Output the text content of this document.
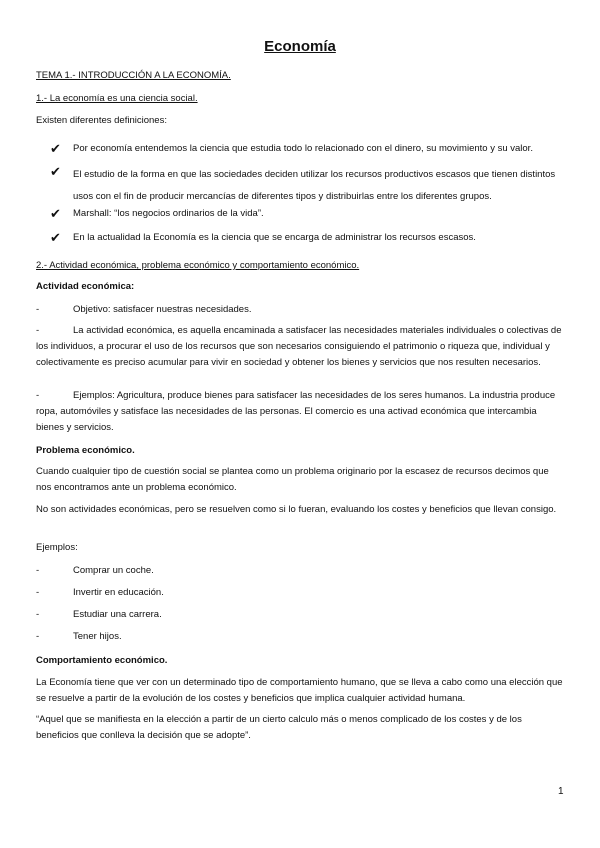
Economía
TEMA 1.- INTRODUCCIÓN A LA ECONOMÍA.
1.- La economía es una ciencia social.
Existen diferentes definiciones:
✔ Por economía entendemos la ciencia que estudia todo lo relacionado con el dinero, su movimiento y su valor.
✔ El estudio de la forma en que las sociedades deciden utilizar los recursos productivos escasos que tienen distintos usos con el fin de producir mercancías de diferentes tipos y distribuirlas entre los diferentes grupos.
✔ Marshall: “los negocios ordinarios de la vida”.
✔ En la actualidad la Economía es la ciencia que se encarga de administrar los recursos escasos.
2.- Actividad económica, problema económico y comportamiento económico.
Actividad económica:
-	Objetivo: satisfacer nuestras necesidades.
-	La actividad económica, es aquella encaminada a satisfacer las necesidades materiales individuales o colectivas de los individuos, a procurar el uso de los recursos que son necesarios consiguiendo el patrimonio o riqueza que, individual y colectivamente es preciso acumular para vivir en sociedad y obtener los bienes y servicios que nos resulten necesarios.
-	Ejemplos: Agricultura, produce bienes para satisfacer las necesidades de los seres humanos. La industria produce ropa, automóviles y satisface las necesidades de las personas. El comercio es una activad económica que intercambia bienes y servicios.
Problema económico.
Cuando cualquier tipo de cuestión social se plantea como un problema originario por la escasez de recursos decimos que nos encontramos ante un problema económico.
No son actividades económicas, pero se resuelven como si lo fueran, evaluando los costes y beneficios que llevan consigo.
Ejemplos:
-	Comprar un coche.
-	Invertir en educación.
-	Estudiar una carrera.
-	Tener hijos.
Comportamiento económico.
La Economía tiene que ver con un determinado tipo de comportamiento humano, que se lleva a cabo como una elección que se resuelve a partir de la evolución de los costes y beneficios que implica cualquier actividad humana.
“Aquel que se manifiesta en la elección a partir de un cierto calculo más o menos complicado de los costes y de los beneficios que conlleva la decisión que se adopte”.
1
